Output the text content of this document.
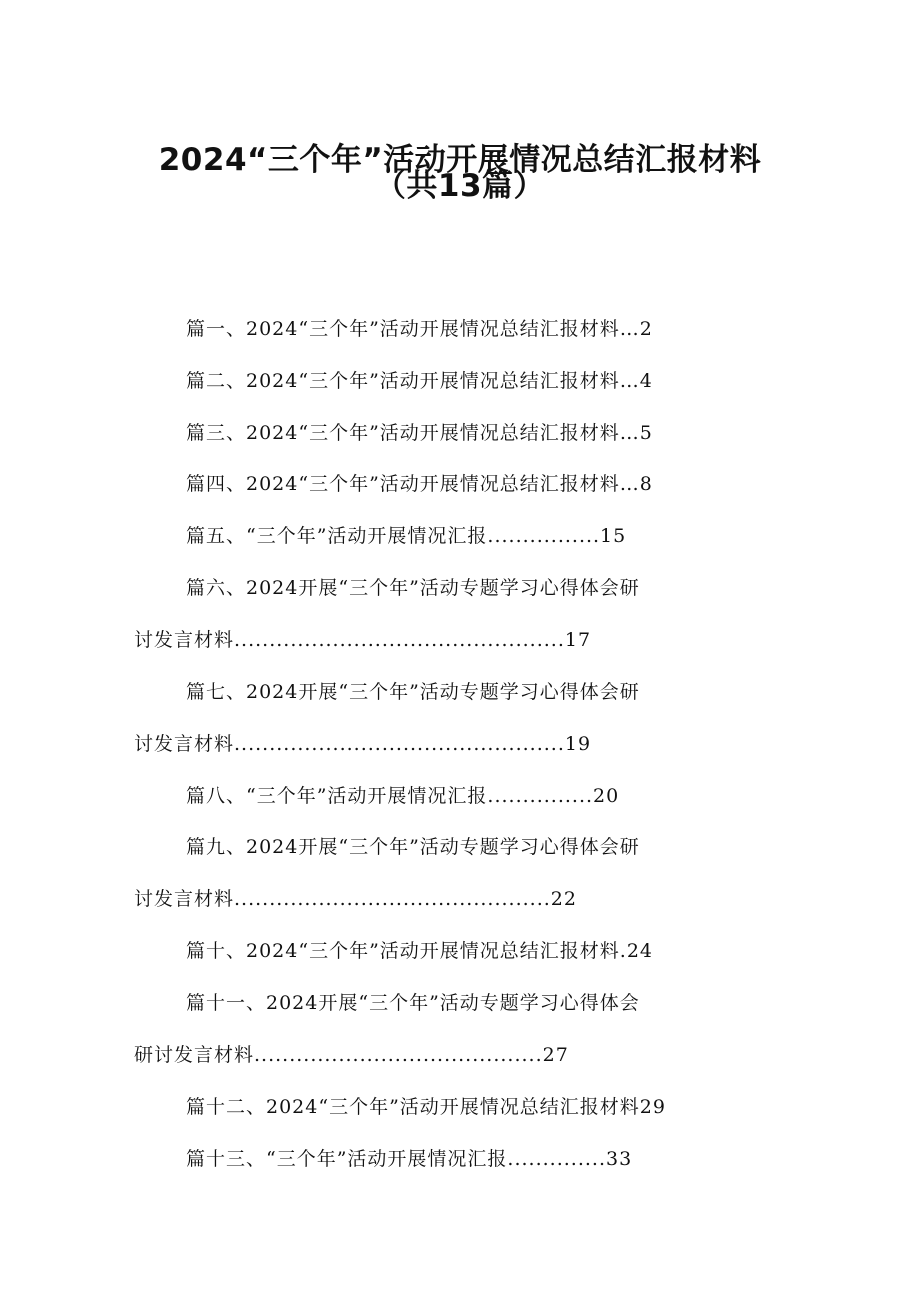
2024“三个年”活动开展情况总结汇报材料
（共13篇）
篇一、2024“三个年”活动开展情况总结汇报材料…2
篇二、2024“三个年”活动开展情况总结汇报材料…4
篇三、2024“三个年”活动开展情况总结汇报材料…5
篇四、2024“三个年”活动开展情况总结汇报材料…8
篇五、“三个年”活动开展情况汇报................15
篇六、2024开展“三个年”活动专题学习心得体会研
讨发言材料...............................................17
篇七、2024开展“三个年”活动专题学习心得体会研
讨发言材料...............................................19
篇八、“三个年”活动开展情况汇报...............20
篇九、2024开展“三个年”活动专题学习心得体会研
讨发言材料.............................................22
篇十、2024“三个年”活动开展情况总结汇报材料.24
篇十一、2024开展“三个年”活动专题学习心得体会
研讨发言材料.........................................27
篇十二、2024“三个年”活动开展情况总结汇报材料29
篇十三、“三个年”活动开展情况汇报..............33
